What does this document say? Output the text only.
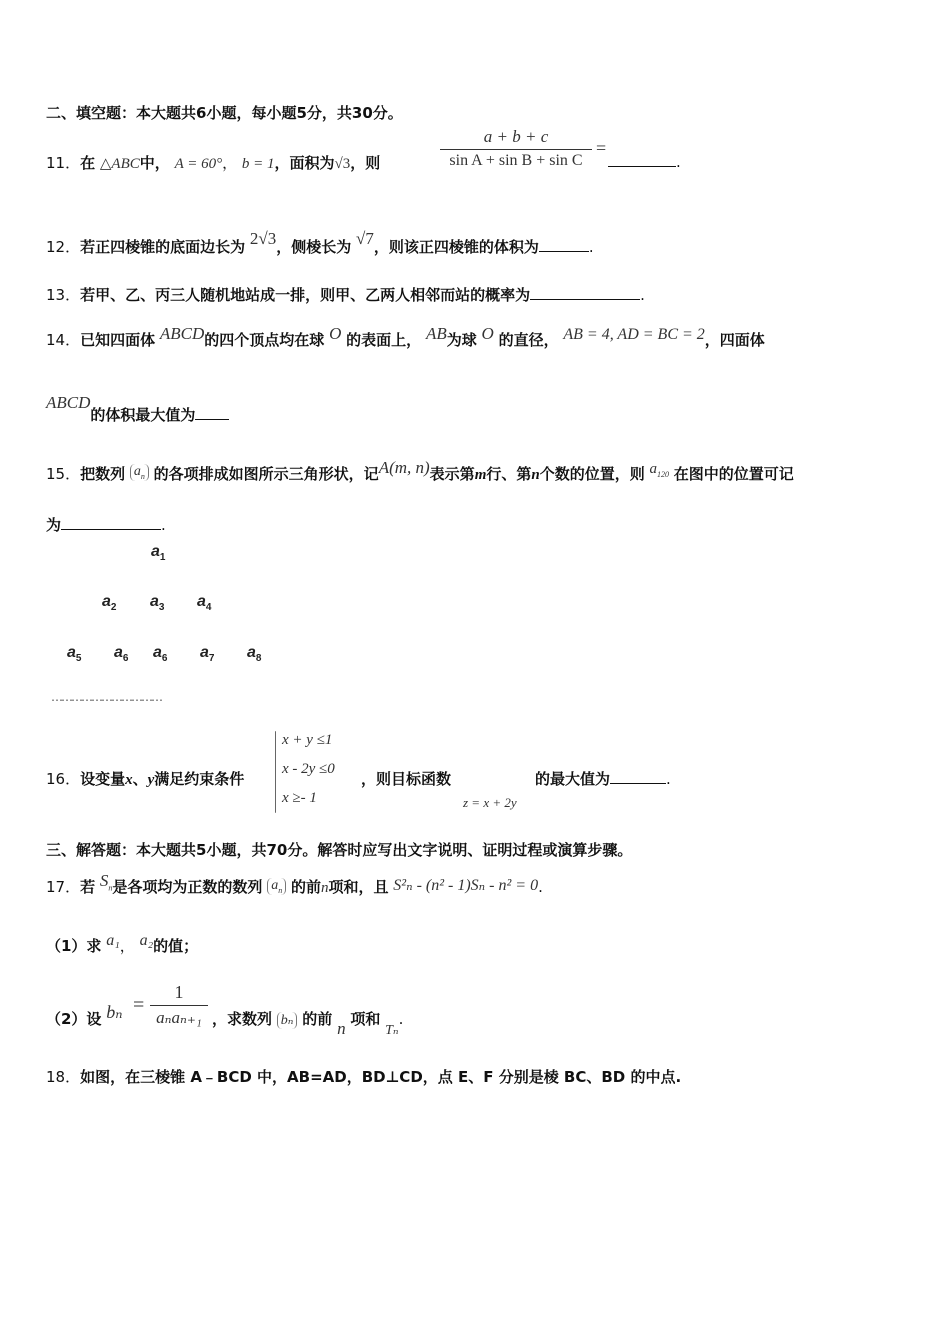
二、填空题：本大题共6小题，每小题5分，共30分。
11．在 △ABC中， A = 60°， b = 1，面积为√3，则
a + b + c
sin A + sin B + sin C
=
.
12．若正四棱锥的底面边长为 2√3，侧棱长为 √7，则该正四棱锥的体积为	.
13．若甲、乙、丙三人随机地站成一排，则甲、乙两人相邻而站的概率为	.
14．已知四面体 ABCD的四个顶点均在球 O 的表面上， AB为球 O 的直径， AB = 4, AD = BC = 2，四面体
ABCD的体积最大值为
15．把数列 $a_n$ 的各项排成如图所示三角形状，记A(m, n)表示第m行、第n个数的位置，则 $a_{120}$ 在图中的位置可记
为	.
$a_1$
$a_2$ $a_3$ $a_4$
$a_5$ $a_6$ $a_6$ $a_7$ $a_8$
……………………………
x + y ≤1
x - 2y ≤0
x ≥- 1
16．设变量x、y满足约束条件	，则目标函数
z = x + 2y
的最大值为	.
三、解答题：本大题共5小题，共70分。解答时应写出文字说明、证明过程或演算步骤。
17．若 $S_n$是各项均为正数的数列 $a_n$ 的前n项和，且 S²ₙ - (n² - 1)Sₙ - n² = 0.
（1）求 a₁， a₂的值；
（2）设 bₙ =
1
aₙaₙ₊₁ ，求数列 bₙ 的前 n 项和 Tₙ.
18．如图，在三棱锥 A﹣BCD 中，AB=AD，BD⊥CD，点 E、F 分别是棱 BC、BD 的中点.
